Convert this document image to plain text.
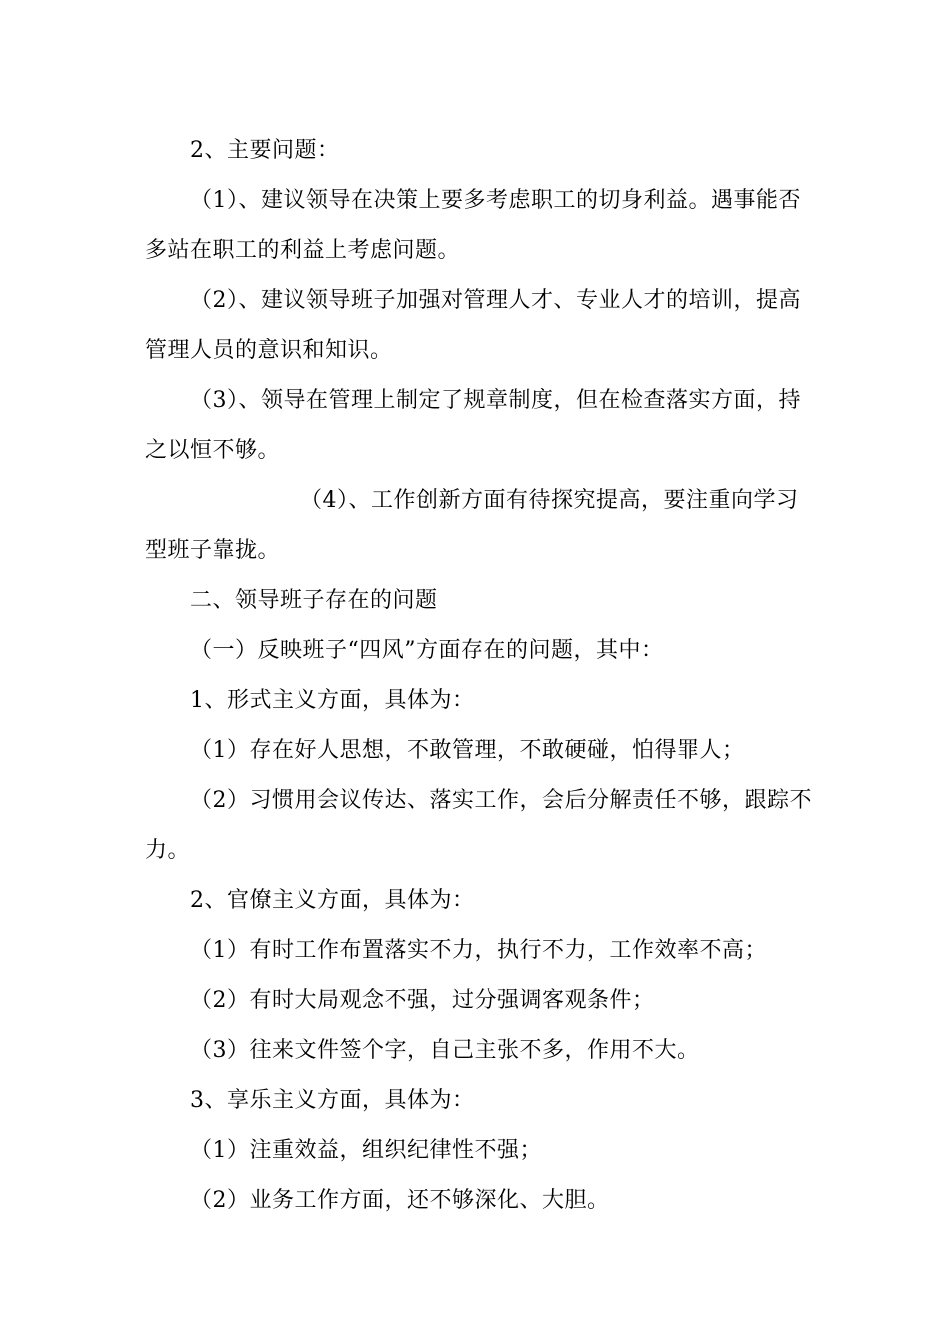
2、主要问题：
（1）、建议领导在决策上要多考虑职工的切身利益。遇事能否
多站在职工的利益上考虑问题。
（2）、建议领导班子加强对管理人才、专业人才的培训，提高
管理人员的意识和知识。
（3）、领导在管理上制定了规章制度，但在检查落实方面，持
之以恒不够。
（4）、工作创新方面有待探究提高，要注重向学习
型班子靠拢。
二、领导班子存在的问题
（一）反映班子“四风”方面存在的问题，其中：
1、形式主义方面，具体为：
（1）存在好人思想，不敢管理，不敢硬碰，怕得罪人；
（2）习惯用会议传达、落实工作，会后分解责任不够，跟踪不
力。
2、官僚主义方面，具体为：
（1）有时工作布置落实不力，执行不力，工作效率不高；
（2）有时大局观念不强，过分强调客观条件；
（3）往来文件签个字，自己主张不多，作用不大。
3、享乐主义方面，具体为：
（1）注重效益，组织纪律性不强；
（2）业务工作方面，还不够深化、大胆。
